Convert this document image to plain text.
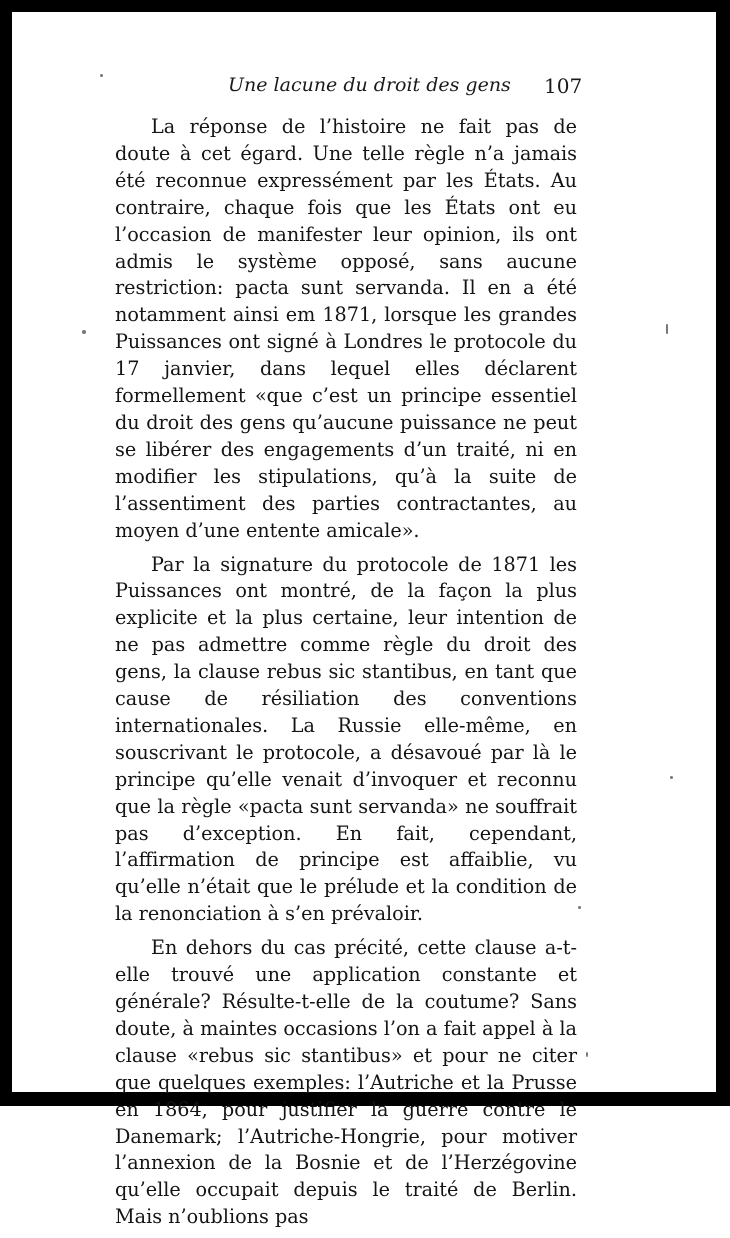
Une lacune du droit des gens 107

La réponse de l’histoire ne fait pas de doute à cet égard. Une telle règle n’a jamais été reconnue expressément par les États. Au contraire, chaque fois que les États ont eu l’occasion de manifester leur opinion, ils ont admis le système opposé, sans aucune restriction: pacta sunt servanda. Il en a été notamment ainsi em 1871, lorsque les grandes Puissances ont signé à Londres le protocole du 17 janvier, dans lequel elles déclarent formellement «que c’est un principe essentiel du droit des gens qu’aucune puissance ne peut se libérer des engagements d’un traité, ni en modifier les stipulations, qu’à la suite de l’assentiment des parties contractantes, au moyen d’une entente amicale».

Par la signature du protocole de 1871 les Puissances ont montré, de la façon la plus explicite et la plus certaine, leur intention de ne pas admettre comme règle du droit des gens, la clause rebus sic stantibus, en tant que cause de résiliation des conventions internationales. La Russie elle-même, en souscrivant le protocole, a désavoué par là le principe qu’elle venait d’invoquer et reconnu que la règle «pacta sunt servanda» ne souffrait pas d’exception. En fait, cependant, l’affirmation de principe est affaiblie, vu qu’elle n’était que le prélude et la condition de la renonciation à s’en prévaloir.

En dehors du cas précité, cette clause a-t-elle trouvé une application constante et générale? Résulte-t-elle de la coutume? Sans doute, à maintes occasions l’on a fait appel à la clause «rebus sic stantibus» et pour ne citer que quelques exemples: l’Autriche et la Prusse en 1864, pour justifier la guerre contre le Danemark; l’Autriche-Hongrie, pour motiver l’annexion de la Bosnie et de l’Herzégovine qu’elle occupait depuis le traité de Berlin. Mais n’oublions pas
